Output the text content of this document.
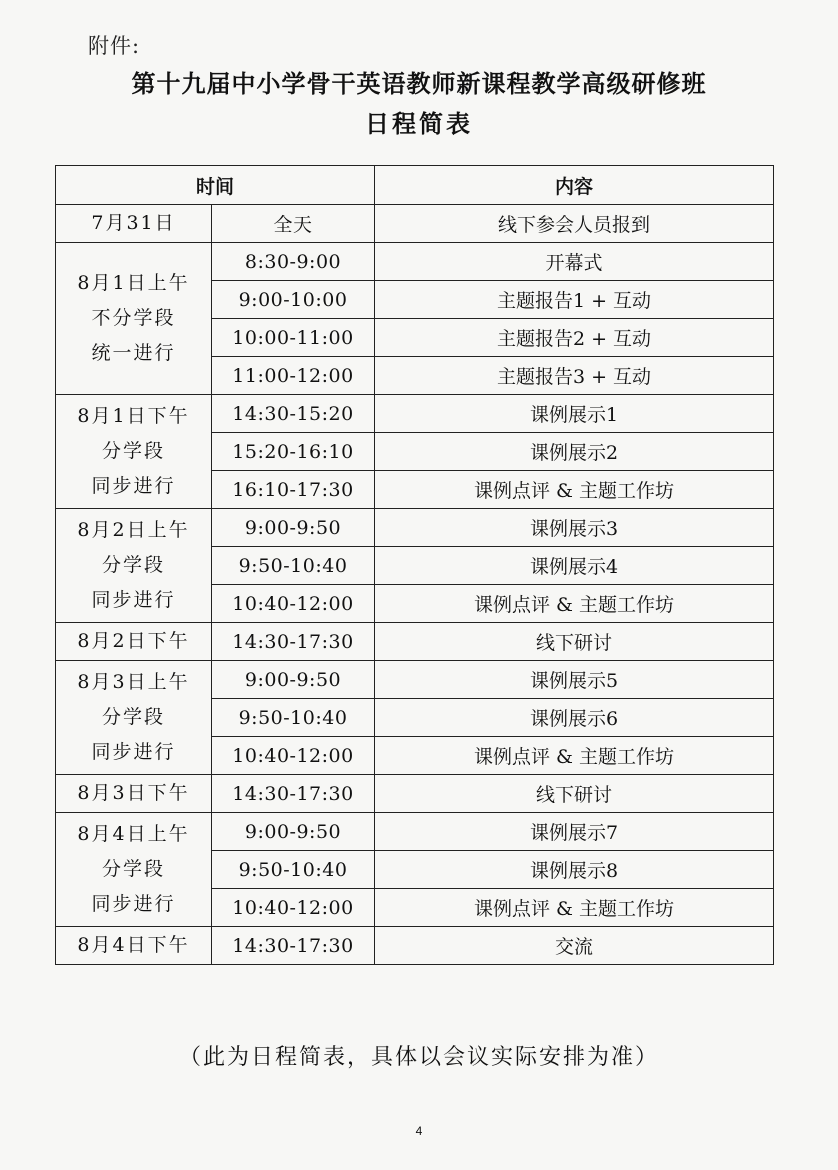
附件:
第十九届中小学骨干英语教师新课程教学高级研修班
日程简表
时间		内容

7月31日	全天	线下参会人员报到

8月1日上午
不分学段
统一进行	8:30-9:00	开幕式
	9:00-10:00	主题报告1 + 互动
	10:00-11:00	主题报告2 + 互动
	11:00-12:00	主题报告3 + 互动

8月1日下午
分学段
同步进行	14:30-15:20	课例展示1
	15:20-16:10	课例展示2
	16:10-17:30	课例点评 & 主题工作坊

8月2日上午
分学段
同步进行	9:00-9:50	课例展示3
	9:50-10:40	课例展示4
	10:40-12:00	课例点评 & 主题工作坊

8月2日下午	14:30-17:30	线下研讨

8月3日上午
分学段
同步进行	9:00-9:50	课例展示5
	9:50-10:40	课例展示6
	10:40-12:00	课例点评 & 主题工作坊

8月3日下午	14:30-17:30	线下研讨

8月4日上午
分学段
同步进行	9:00-9:50	课例展示7
	9:50-10:40	课例展示8
	10:40-12:00	课例点评 & 主题工作坊

8月4日下午	14:30-17:30	交流
（此为日程简表，具体以会议实际安排为准）
4
